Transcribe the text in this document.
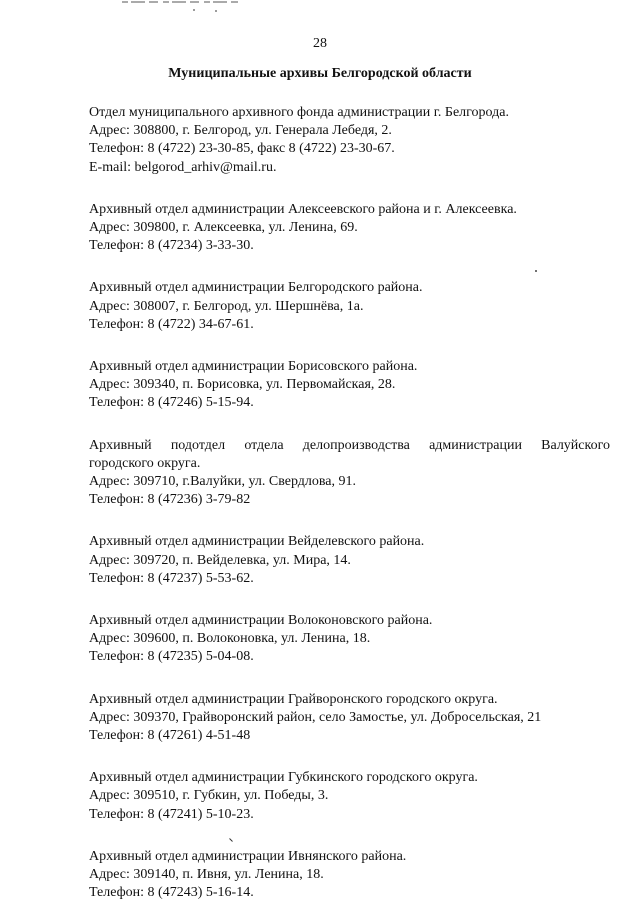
28
Муниципальные архивы Белгородской области
Отдел муниципального архивного фонда администрации г. Белгорода.
Адрес: 308800, г. Белгород, ул. Генерала Лебедя, 2.
Телефон: 8 (4722) 23-30-85, факс 8 (4722) 23-30-67.
E-mail: belgorod_arhiv@mail.ru.
Архивный отдел администрации Алексеевского района и г. Алексеевка.
Адрес: 309800, г. Алексеевка, ул. Ленина, 69.
Телефон: 8 (47234) 3-33-30.
Архивный отдел администрации Белгородского района.
Адрес: 308007, г. Белгород, ул. Шершнёва, 1а.
Телефон: 8 (4722) 34-67-61.
Архивный отдел администрации Борисовского района.
Адрес: 309340, п. Борисовка, ул. Первомайская, 28.
Телефон: 8 (47246) 5-15-94.
Архивный подотдел отдела делопроизводства администрации Валуйского
городского округа.
Адрес: 309710, г.Валуйки, ул. Свердлова, 91.
Телефон: 8 (47236) 3-79-82
Архивный отдел администрации Вейделевского района.
Адрес: 309720, п. Вейделевка, ул. Мира, 14.
Телефон: 8 (47237) 5-53-62.
Архивный отдел администрации Волоконовского района.
Адрес: 309600, п. Волоконовка, ул. Ленина, 18.
Телефон: 8 (47235) 5-04-08.
Архивный отдел администрации Грайворонского городского округа.
Адрес: 309370, Грайворонский район, село Замостье, ул. Добросельская, 21
Телефон: 8 (47261) 4-51-48
Архивный отдел администрации Губкинского городского округа.
Адрес: 309510, г. Губкин, ул. Победы, 3.
Телефон: 8 (47241) 5-10-23.
Архивный отдел администрации Ивнянского района.
Адрес: 309140, п. Ивня, ул. Ленина, 18.
Телефон: 8 (47243) 5-16-14.
